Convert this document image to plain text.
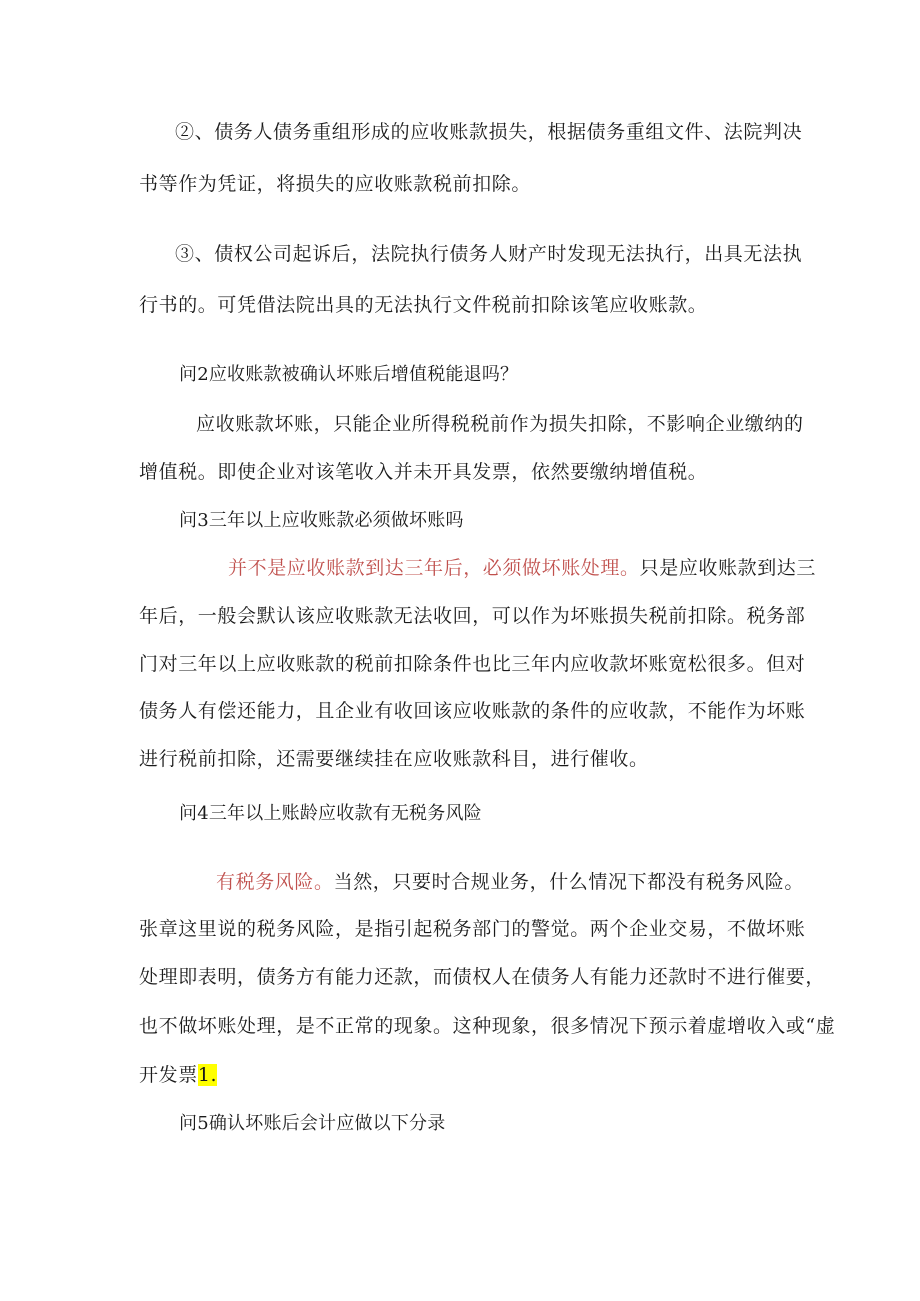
②、债务人债务重组形成的应收账款损失，根据债务重组文件、法院判决
书等作为凭证，将损失的应收账款税前扣除。
③、债权公司起诉后，法院执行债务人财产时发现无法执行，出具无法执
行书的。可凭借法院出具的无法执行文件税前扣除该笔应收账款。
问2应收账款被确认坏账后增值税能退吗？
应收账款坏账，只能企业所得税税前作为损失扣除，不影响企业缴纳的
增值税。即使企业对该笔收入并未开具发票，依然要缴纳增值税。
问3三年以上应收账款必须做坏账吗
并不是应收账款到达三年后，必须做坏账处理。只是应收账款到达三
年后，一般会默认该应收账款无法收回，可以作为坏账损失税前扣除。税务部
门对三年以上应收账款的税前扣除条件也比三年内应收款坏账宽松很多。但对
债务人有偿还能力，且企业有收回该应收账款的条件的应收款，不能作为坏账
进行税前扣除，还需要继续挂在应收账款科目，进行催收。
问4三年以上账龄应收款有无税务风险
有税务风险。当然，只要时合规业务，什么情况下都没有税务风险。
张章这里说的税务风险，是指引起税务部门的警觉。两个企业交易，不做坏账
处理即表明，债务方有能力还款，而债权人在债务人有能力还款时不进行催要，
也不做坏账处理，是不正常的现象。这种现象，很多情况下预示着虚增收入或“虚
开发票1.
问5确认坏账后会计应做以下分录
